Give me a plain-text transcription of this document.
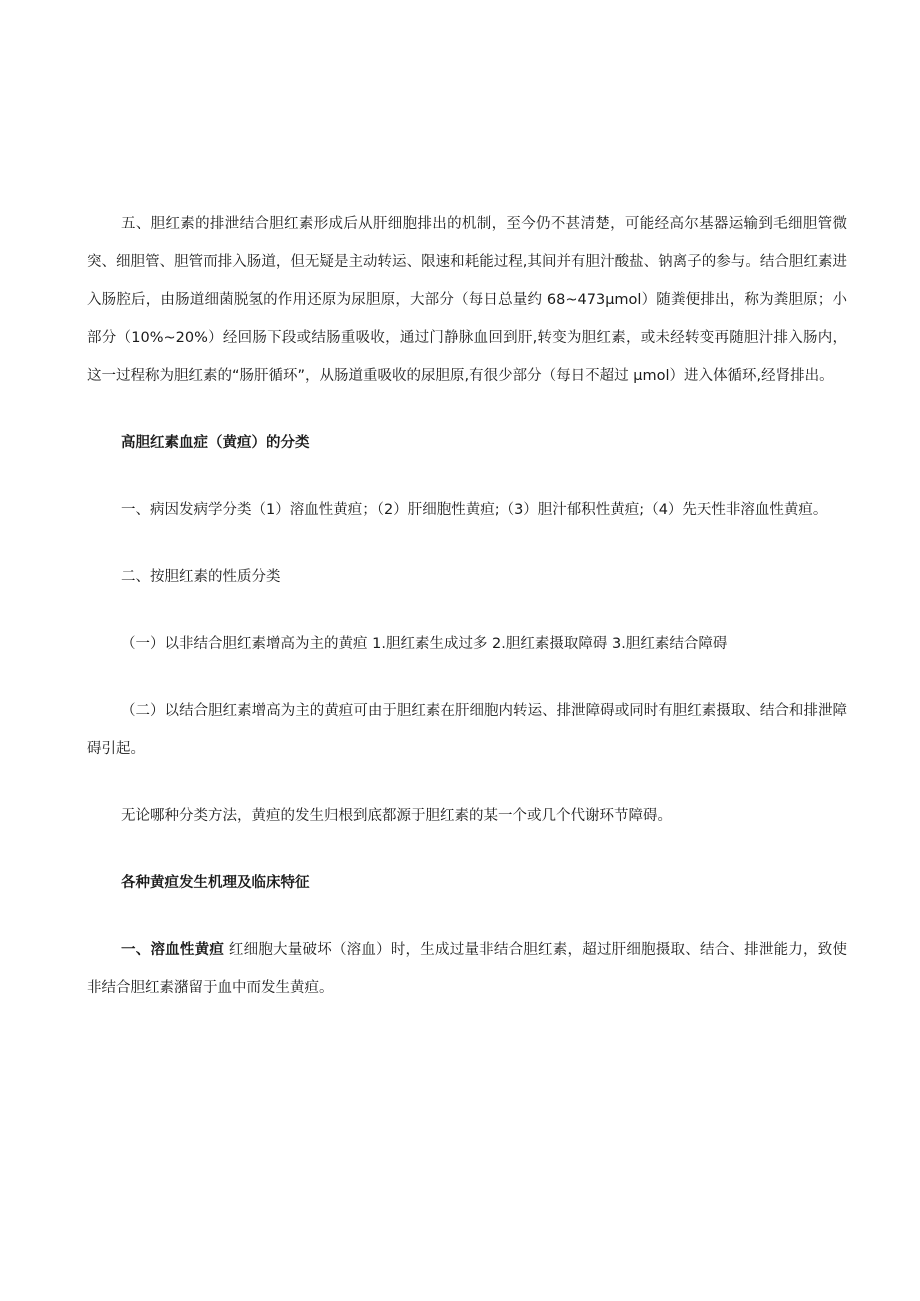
五、胆红素的排泄结合胆红素形成后从肝细胞排出的机制，至今仍不甚清楚，可能经高尔基器运输到毛细胆管微突、细胆管、胆管而排入肠道，但无疑是主动转运、限速和耗能过程,其间并有胆汁酸盐、钠离子的参与。结合胆红素进入肠腔后，由肠道细菌脱氢的作用还原为尿胆原，大部分（每日总量约 68~473μmol）随粪便排出，称为粪胆原；小部分（10%~20%）经回肠下段或结肠重吸收，通过门静脉血回到肝,转变为胆红素，或未经转变再随胆汁排入肠内，这一过程称为胆红素的“肠肝循环”，从肠道重吸收的尿胆原,有很少部分（每日不超过 μmol）进入体循环,经肾排出。

高胆红素血症（黄疸）的分类

一、病因发病学分类（1）溶血性黄疸；（2）肝细胞性黄疸;（3）胆汁郁积性黄疸;（4）先天性非溶血性黄疸。

二、按胆红素的性质分类

（一）以非结合胆红素增高为主的黄疸 1.胆红素生成过多 2.胆红素摄取障碍 3.胆红素结合障碍

（二）以结合胆红素增高为主的黄疸可由于胆红素在肝细胞内转运、排泄障碍或同时有胆红素摄取、结合和排泄障碍引起。

无论哪种分类方法，黄疸的发生归根到底都源于胆红素的某一个或几个代谢环节障碍。

各种黄疸发生机理及临床特征

一、溶血性黄疸 红细胞大量破坏（溶血）时，生成过量非结合胆红素，超过肝细胞摄取、结合、排泄能力，致使非结合胆红素潴留于血中而发生黄疸。
